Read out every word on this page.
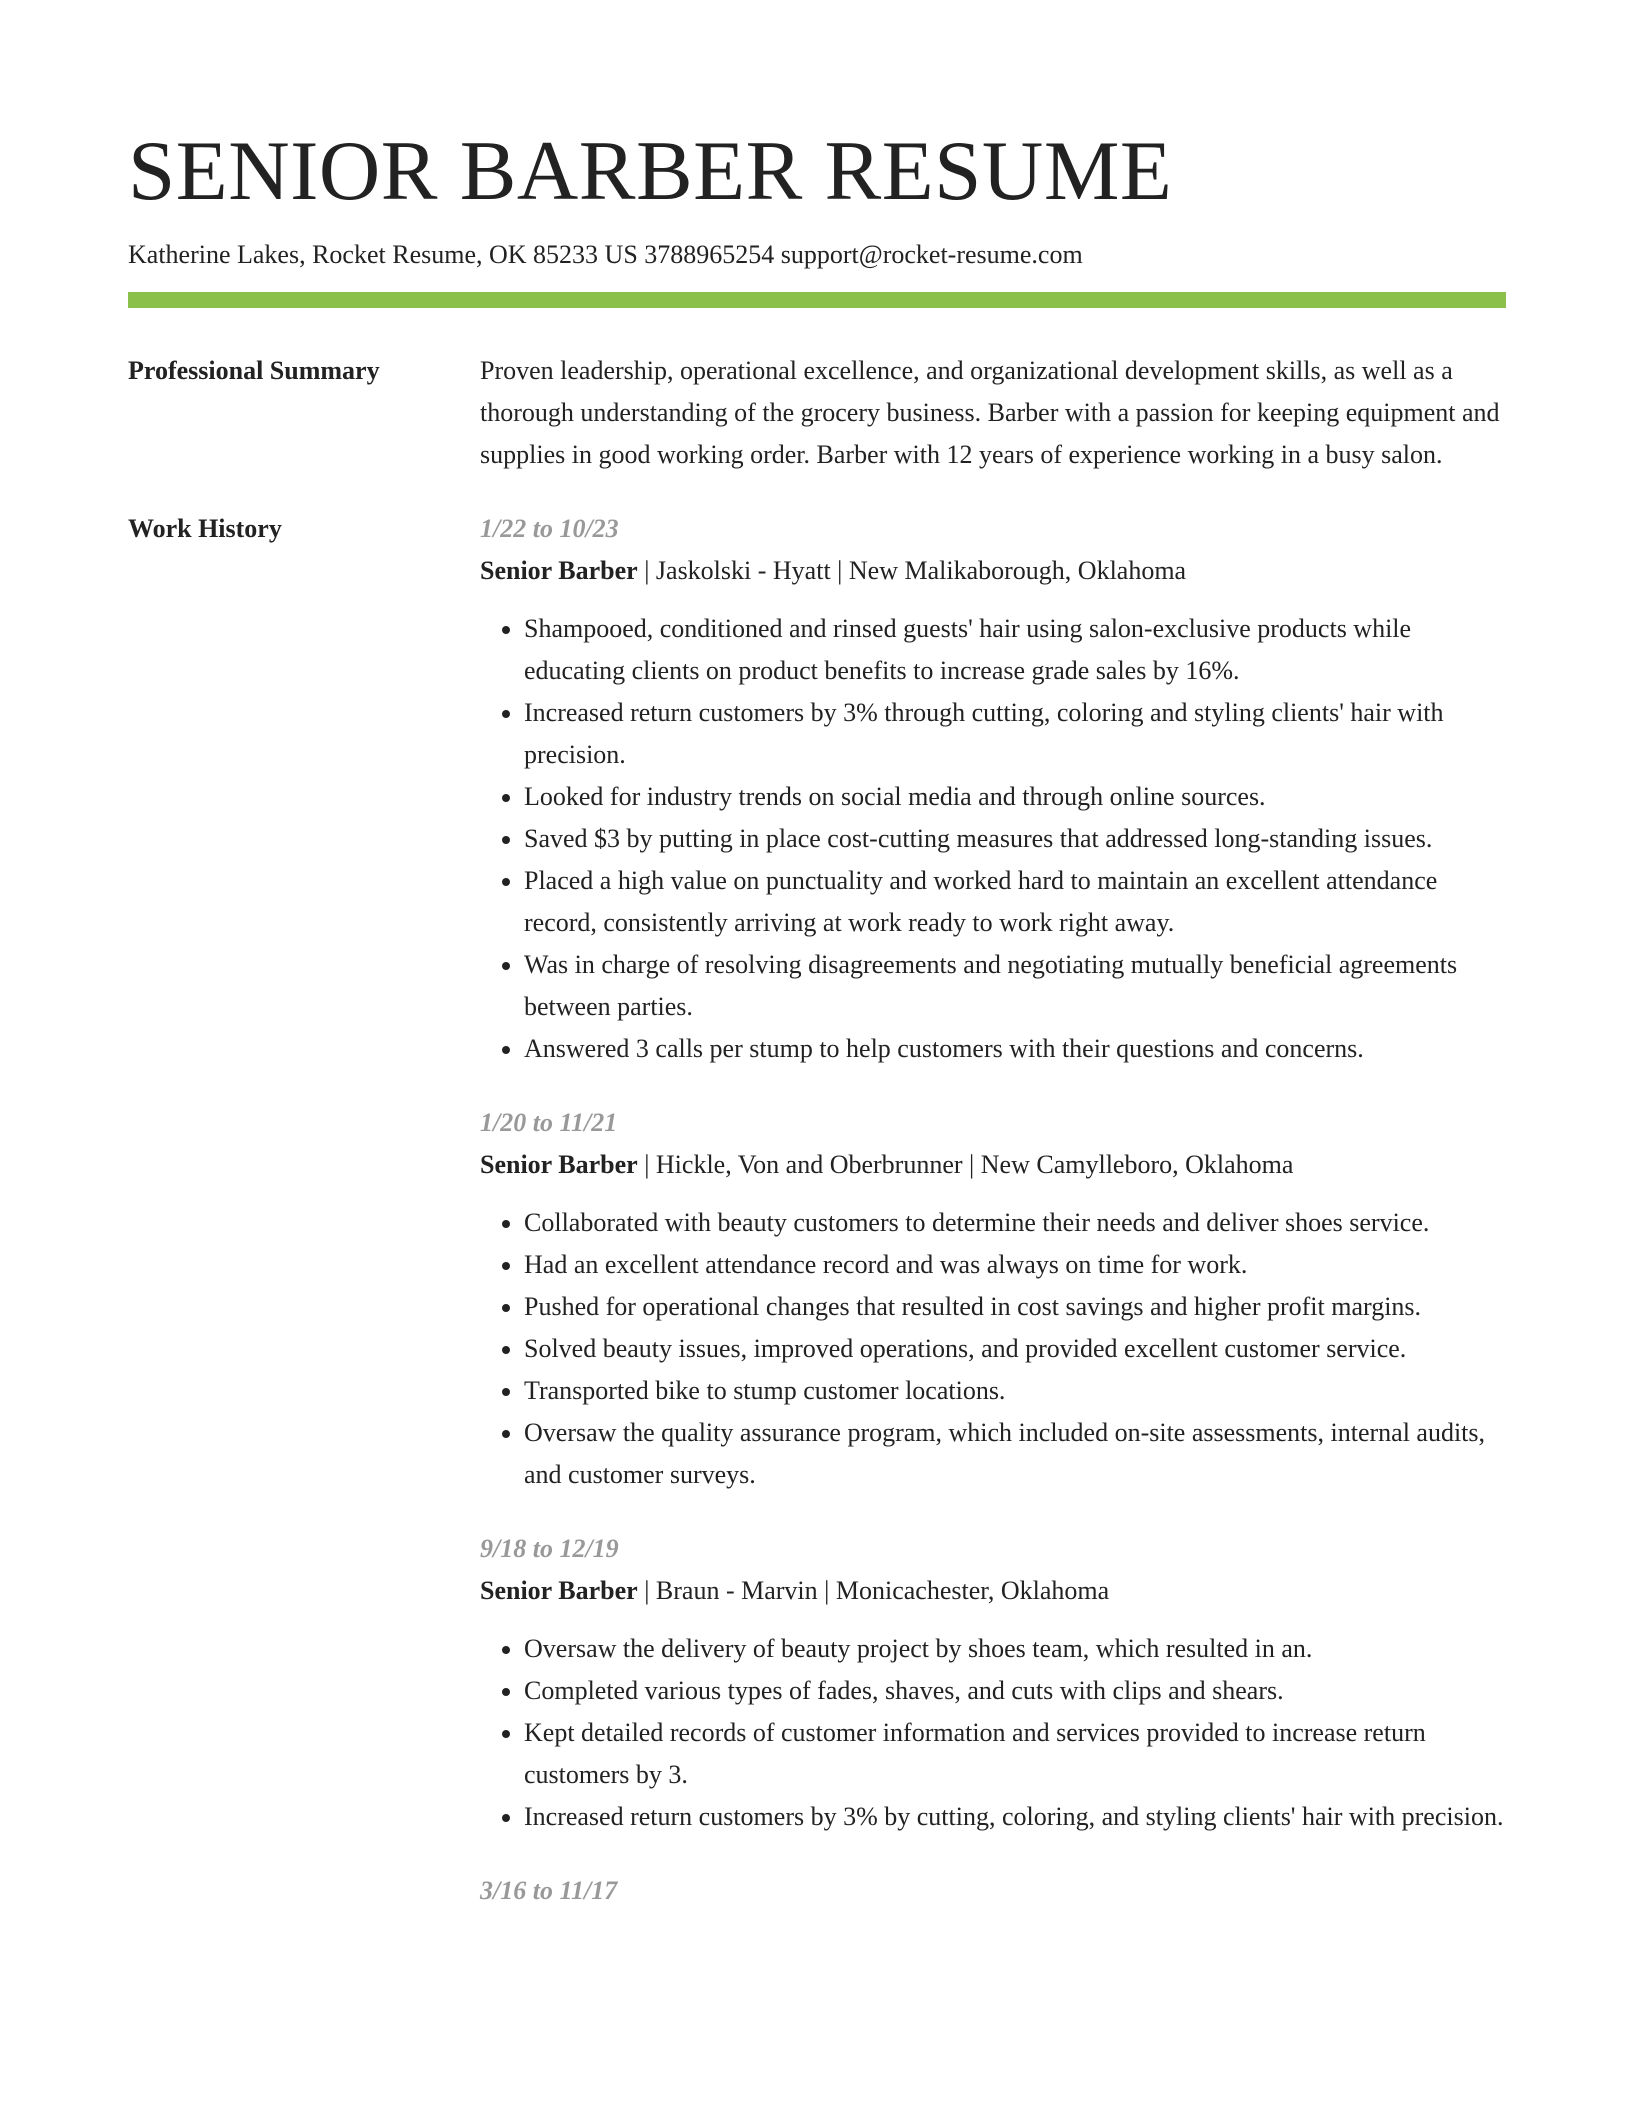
SENIOR BARBER RESUME
Katherine Lakes, Rocket Resume, OK 85233 US 3788965254 support@rocket-resume.com
Professional Summary	Proven leadership, operational excellence, and organizational development skills, as well as a thorough understanding of the grocery business. Barber with a passion for keeping equipment and supplies in good working order. Barber with 12 years of experience working in a busy salon.

Work History	1/22 to 10/23
Senior Barber | Jaskolski - Hyatt | New Malikaborough, Oklahoma
• Shampooed, conditioned and rinsed guests' hair using salon-exclusive products while educating clients on product benefits to increase grade sales by 16%.
• Increased return customers by 3% through cutting, coloring and styling clients' hair with precision.
• Looked for industry trends on social media and through online sources.
• Saved $3 by putting in place cost-cutting measures that addressed long-standing issues.
• Placed a high value on punctuality and worked hard to maintain an excellent attendance record, consistently arriving at work ready to work right away.
• Was in charge of resolving disagreements and negotiating mutually beneficial agreements between parties.
• Answered 3 calls per stump to help customers with their questions and concerns.
1/20 to 11/21
Senior Barber | Hickle, Von and Oberbrunner | New Camylleboro, Oklahoma
• Collaborated with beauty customers to determine their needs and deliver shoes service.
• Had an excellent attendance record and was always on time for work.
• Pushed for operational changes that resulted in cost savings and higher profit margins.
• Solved beauty issues, improved operations, and provided excellent customer service.
• Transported bike to stump customer locations.
• Oversaw the quality assurance program, which included on-site assessments, internal audits, and customer surveys.
9/18 to 12/19
Senior Barber | Braun - Marvin | Monicachester, Oklahoma
• Oversaw the delivery of beauty project by shoes team, which resulted in an.
• Completed various types of fades, shaves, and cuts with clips and shears.
• Kept detailed records of customer information and services provided to increase return customers by 3.
• Increased return customers by 3% by cutting, coloring, and styling clients' hair with precision.
3/16 to 11/17
